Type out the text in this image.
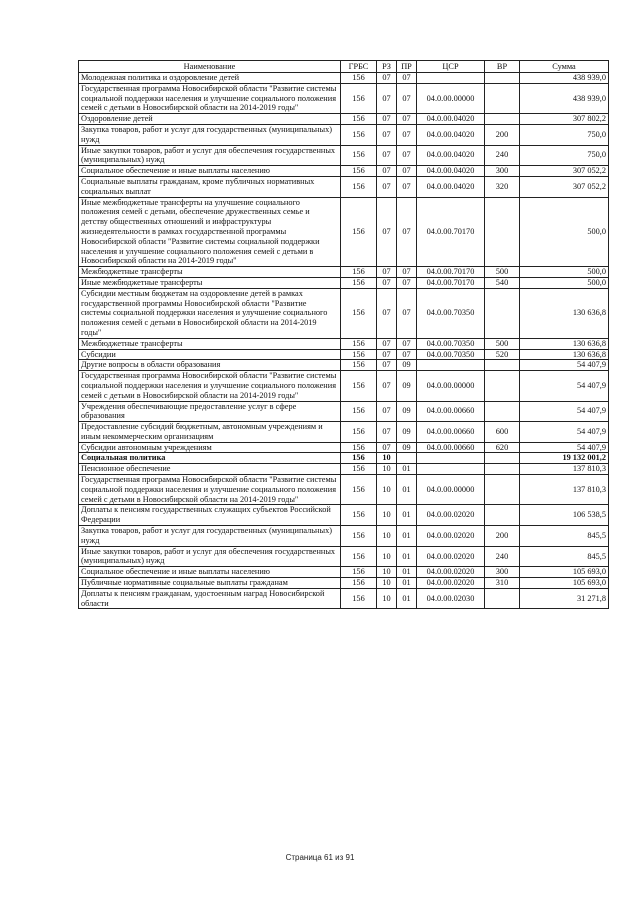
Наименование	ГРБС	РЗ	ПР	ЦСР	ВР	Сумма
Молодежная политика и оздоровление детей	156	07	07			438 939,0
Государственная программа Новосибирской области "Развитие системы социальной поддержки населения и улучшение социального положения семей с детьми в Новосибирской области на 2014-2019 годы"	156	07	07	04.0.00.00000		438 939,0
Оздоровление детей	156	07	07	04.0.00.04020		307 802,2
Закупка товаров, работ и услуг для государственных (муниципальных) нужд	156	07	07	04.0.00.04020	200	750,0
Иные закупки товаров, работ и услуг для обеспечения государственных (муниципальных) нужд	156	07	07	04.0.00.04020	240	750,0
Социальное обеспечение и иные выплаты населению	156	07	07	04.0.00.04020	300	307 052,2
Социальные выплаты гражданам, кроме публичных нормативных социальных выплат	156	07	07	04.0.00.04020	320	307 052,2
Иные межбюджетные трансферты на улучшение социального положения семей с детьми, обеспечение дружественных семье и детству общественных отношений и инфраструктуры жизнедеятельности в рамках государственной программы Новосибирской области "Развитие системы социальной поддержки населения и улучшение социального положения семей с детьми в Новосибирской области на 2014-2019 годы"	156	07	07	04.0.00.70170		500,0
Межбюджетные трансферты	156	07	07	04.0.00.70170	500	500,0
Иные межбюджетные трансферты	156	07	07	04.0.00.70170	540	500,0
Субсидии местным бюджетам на оздоровление детей в рамках государственной программы Новосибирской области "Развитие системы социальной поддержки населения и улучшение социального положения семей с детьми в Новосибирской области на 2014-2019 годы"	156	07	07	04.0.00.70350		130 636,8
Межбюджетные трансферты	156	07	07	04.0.00.70350	500	130 636,8
Субсидии	156	07	07	04.0.00.70350	520	130 636,8
Другие вопросы в области образования	156	07	09			54 407,9
Государственная программа Новосибирской области "Развитие системы социальной поддержки населения и улучшение социального положения семей с детьми в Новосибирской области на 2014-2019 годы"	156	07	09	04.0.00.00000		54 407,9
Учреждения обеспечивающие предоставление услуг в сфере образования	156	07	09	04.0.00.00660		54 407,9
Предоставление субсидий бюджетным, автономным учреждениям и иным некоммерческим организациям	156	07	09	04.0.00.00660	600	54 407,9
Субсидии автономным учреждениям	156	07	09	04.0.00.00660	620	54 407,9
Социальная политика	156	10				19 132 001,2
Пенсионное обеспечение	156	10	01			137 810,3
Государственная программа Новосибирской области "Развитие системы социальной поддержки населения и улучшение социального положения семей с детьми в Новосибирской области на 2014-2019 годы"	156	10	01	04.0.00.00000		137 810,3
Доплаты к пенсиям государственных служащих субъектов Российской Федерации	156	10	01	04.0.00.02020		106 538,5
Закупка товаров, работ и услуг для государственных (муниципальных) нужд	156	10	01	04.0.00.02020	200	845,5
Иные закупки товаров, работ и услуг для обеспечения государственных (муниципальных) нужд	156	10	01	04.0.00.02020	240	845,5
Социальное обеспечение и иные выплаты населению	156	10	01	04.0.00.02020	300	105 693,0
Публичные нормативные социальные выплаты гражданам	156	10	01	04.0.00.02020	310	105 693,0
Доплаты к пенсиям гражданам, удостоенным наград Новосибирской области	156	10	01	04.0.00.02030		31 271,8
Страница 61 из 91
